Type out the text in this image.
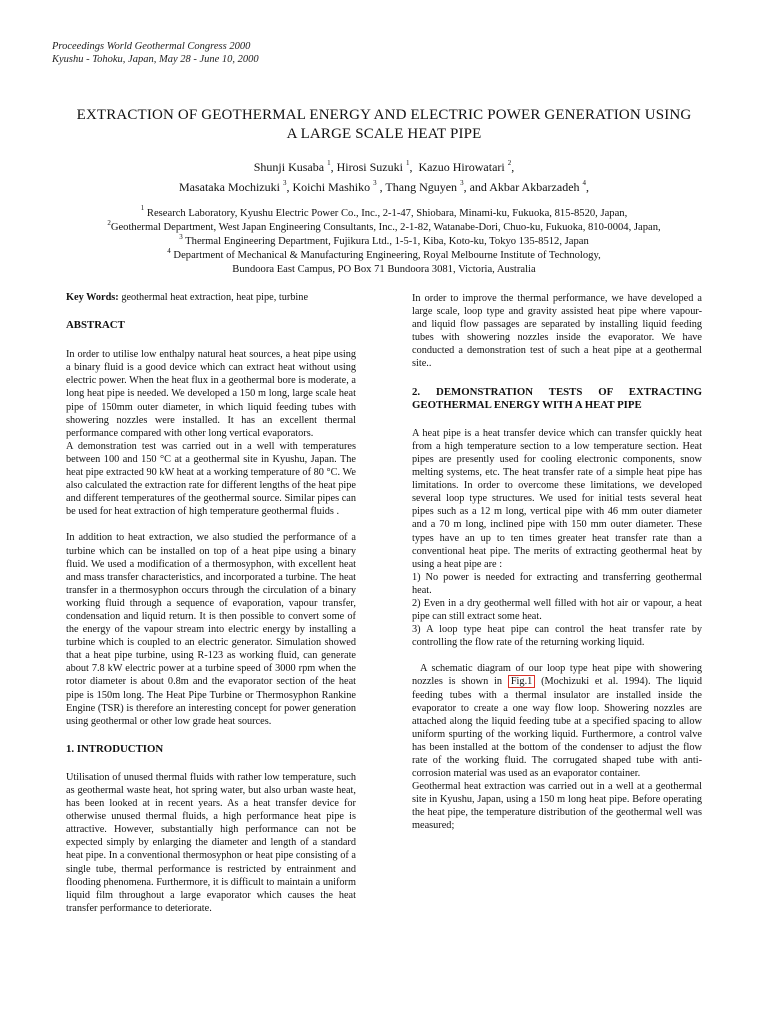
Proceedings World Geothermal Congress 2000
Kyushu - Tohoku, Japan, May 28 - June 10, 2000
EXTRACTION OF GEOTHERMAL ENERGY AND ELECTRIC POWER GENERATION USING
A LARGE SCALE HEAT PIPE
Shunji Kusaba $^1$, Hirosi Suzuki $^1$,  Kazuo Hirowatari $^2$,
Masataka Mochizuki $^3$, Koichi Mashiko $^3$ , Thang Nguyen $^3$, and Akbar Akbarzadeh $^4$,
$^1$ Research Laboratory, Kyushu Electric Power Co., Inc., 2-1-47, Shiobara, Minami-ku, Fukuoka, 815-8520, Japan,
$^2$Geothermal Department, West Japan Engineering Consultants, Inc., 2-1-82, Watanabe-Dori, Chuo-ku, Fukuoka, 810-0004, Japan,
$^3$ Thermal Engineering Department, Fujikura Ltd., 1-5-1, Kiba, Koto-ku, Tokyo 135-8512, Japan
$^4$ Department of Mechanical & Manufacturing Engineering, Royal Melbourne Institute of Technology,
Bundoora East Campus, PO Box 71 Bundoora 3081, Victoria, Australia

Key Words: geothermal heat extraction, heat pipe, turbine

ABSTRACT

In order to utilise low enthalpy natural heat sources, a heat pipe using a binary fluid is a good device which can extract heat without using electric power. When the heat flux in a geothermal bore is moderate, a long heat pipe is needed. We developed a 150 m long, large scale heat pipe of 150mm outer diameter, in which liquid feeding tubes with showering nozzles were installed. It has an excellent thermal performance compared with other long vertical evaporators.

A demonstration test was carried out in a well with temperatures between 100 and 150 °C at a geothermal site in Kyushu, Japan. The heat pipe extracted 90 kW heat at a working temperature of 80 °C. We also calculated the extraction rate for different lengths of the heat pipe and different temperatures of the geothermal source. Similar pipes can be used for heat extraction of high temperature geothermal fluids .

In addition to heat extraction, we also studied the performance of a turbine which can be installed on top of a heat pipe using a binary fluid. We used a modification of a thermosyphon, with excellent heat and mass transfer characteristics, and incorporated a turbine. The heat transfer in a thermosyphon occurs through the circulation of a binary working fluid through a sequence of evaporation, vapour transfer, condensation and liquid return. It is then possible to convert some of the energy of the vapour stream into electric energy by installing a turbine which is coupled to an electric generator. Simulation showed that a heat pipe turbine, using R-123 as working fluid, can generate about 7.8 kW electric power at a turbine speed of 3000 rpm when the rotor diameter is about 0.8m and the evaporator section of the heat pipe is 150m long. The Heat Pipe Turbine or Thermosyphon Rankine Engine (TSR) is therefore an interesting concept for power generation using geothermal or other low grade heat sources.

1. INTRODUCTION

Utilisation of unused thermal fluids with rather low temperature, such as geothermal waste heat, hot spring water, but also urban waste heat, has been looked at in recent years. As a heat transfer device for otherwise unused thermal fluids, a high performance heat pipe is attractive. However, substantially high performance can not be expected simply by enlarging the diameter and length of a standard heat pipe. In a conventional thermosyphon or heat pipe consisting of a single tube, thermal performance is restricted by entrainment and flooding phenomena. Furthermore, it is difficult to maintain a uniform liquid film throughout a large evaporator which causes the heat transfer performance to deteriorate.

In order to improve the thermal performance, we have developed a large scale, loop type and gravity assisted heat pipe where vapour- and liquid flow passages are separated by installing liquid feeding tubes with showering nozzles inside the evaporator. We have conducted a demonstration test of such a heat pipe at a geothermal site..

2. DEMONSTRATION TESTS OF EXTRACTING GEOTHERMAL ENERGY WITH A HEAT PIPE

A heat pipe is a heat transfer device which can transfer quickly heat from a high temperature section to a low temperature section. Heat pipes are presently used for cooling electronic components, snow melting systems, etc. The heat transfer rate of a simple heat pipe has limitations. In order to overcome these limitations, we developed several loop type structures. We used for initial tests several heat pipes such as a 12 m long, vertical pipe with 46 mm outer diameter and a 70 m long, inclined pipe with 150 mm outer diameter. These types have an up to ten times greater heat transfer rate than a conventional heat pipe. The merits of extracting geothermal heat by using a heat pipe are :

1) No power is needed for extracting and transferring geothermal heat.

2) Even in a dry geothermal well filled with hot air or vapour, a heat pipe can still extract some heat.

3) A loop type heat pipe can control the heat transfer rate by controlling the flow rate of the returning working liquid.

A schematic diagram of our loop type heat pipe with showering nozzles is shown in Fig.1 (Mochizuki et al. 1994). The liquid feeding tubes with a thermal insulator are installed inside the evaporator to create a one way flow loop. Showering nozzles are attached along the liquid feeding tube at a specified spacing to allow uniform spurting of the working liquid. Furthermore, a control valve has been installed at the bottom of the condenser to adjust the flow rate of the working fluid. The corrugated shaped tube with anti-corrosion material was used as an evaporator container.

Geothermal heat extraction was carried out in a well at a geothermal site in Kyushu, Japan, using a 150 m long heat pipe. Before operating the heat pipe, the temperature distribution of the geothermal well was measured;
